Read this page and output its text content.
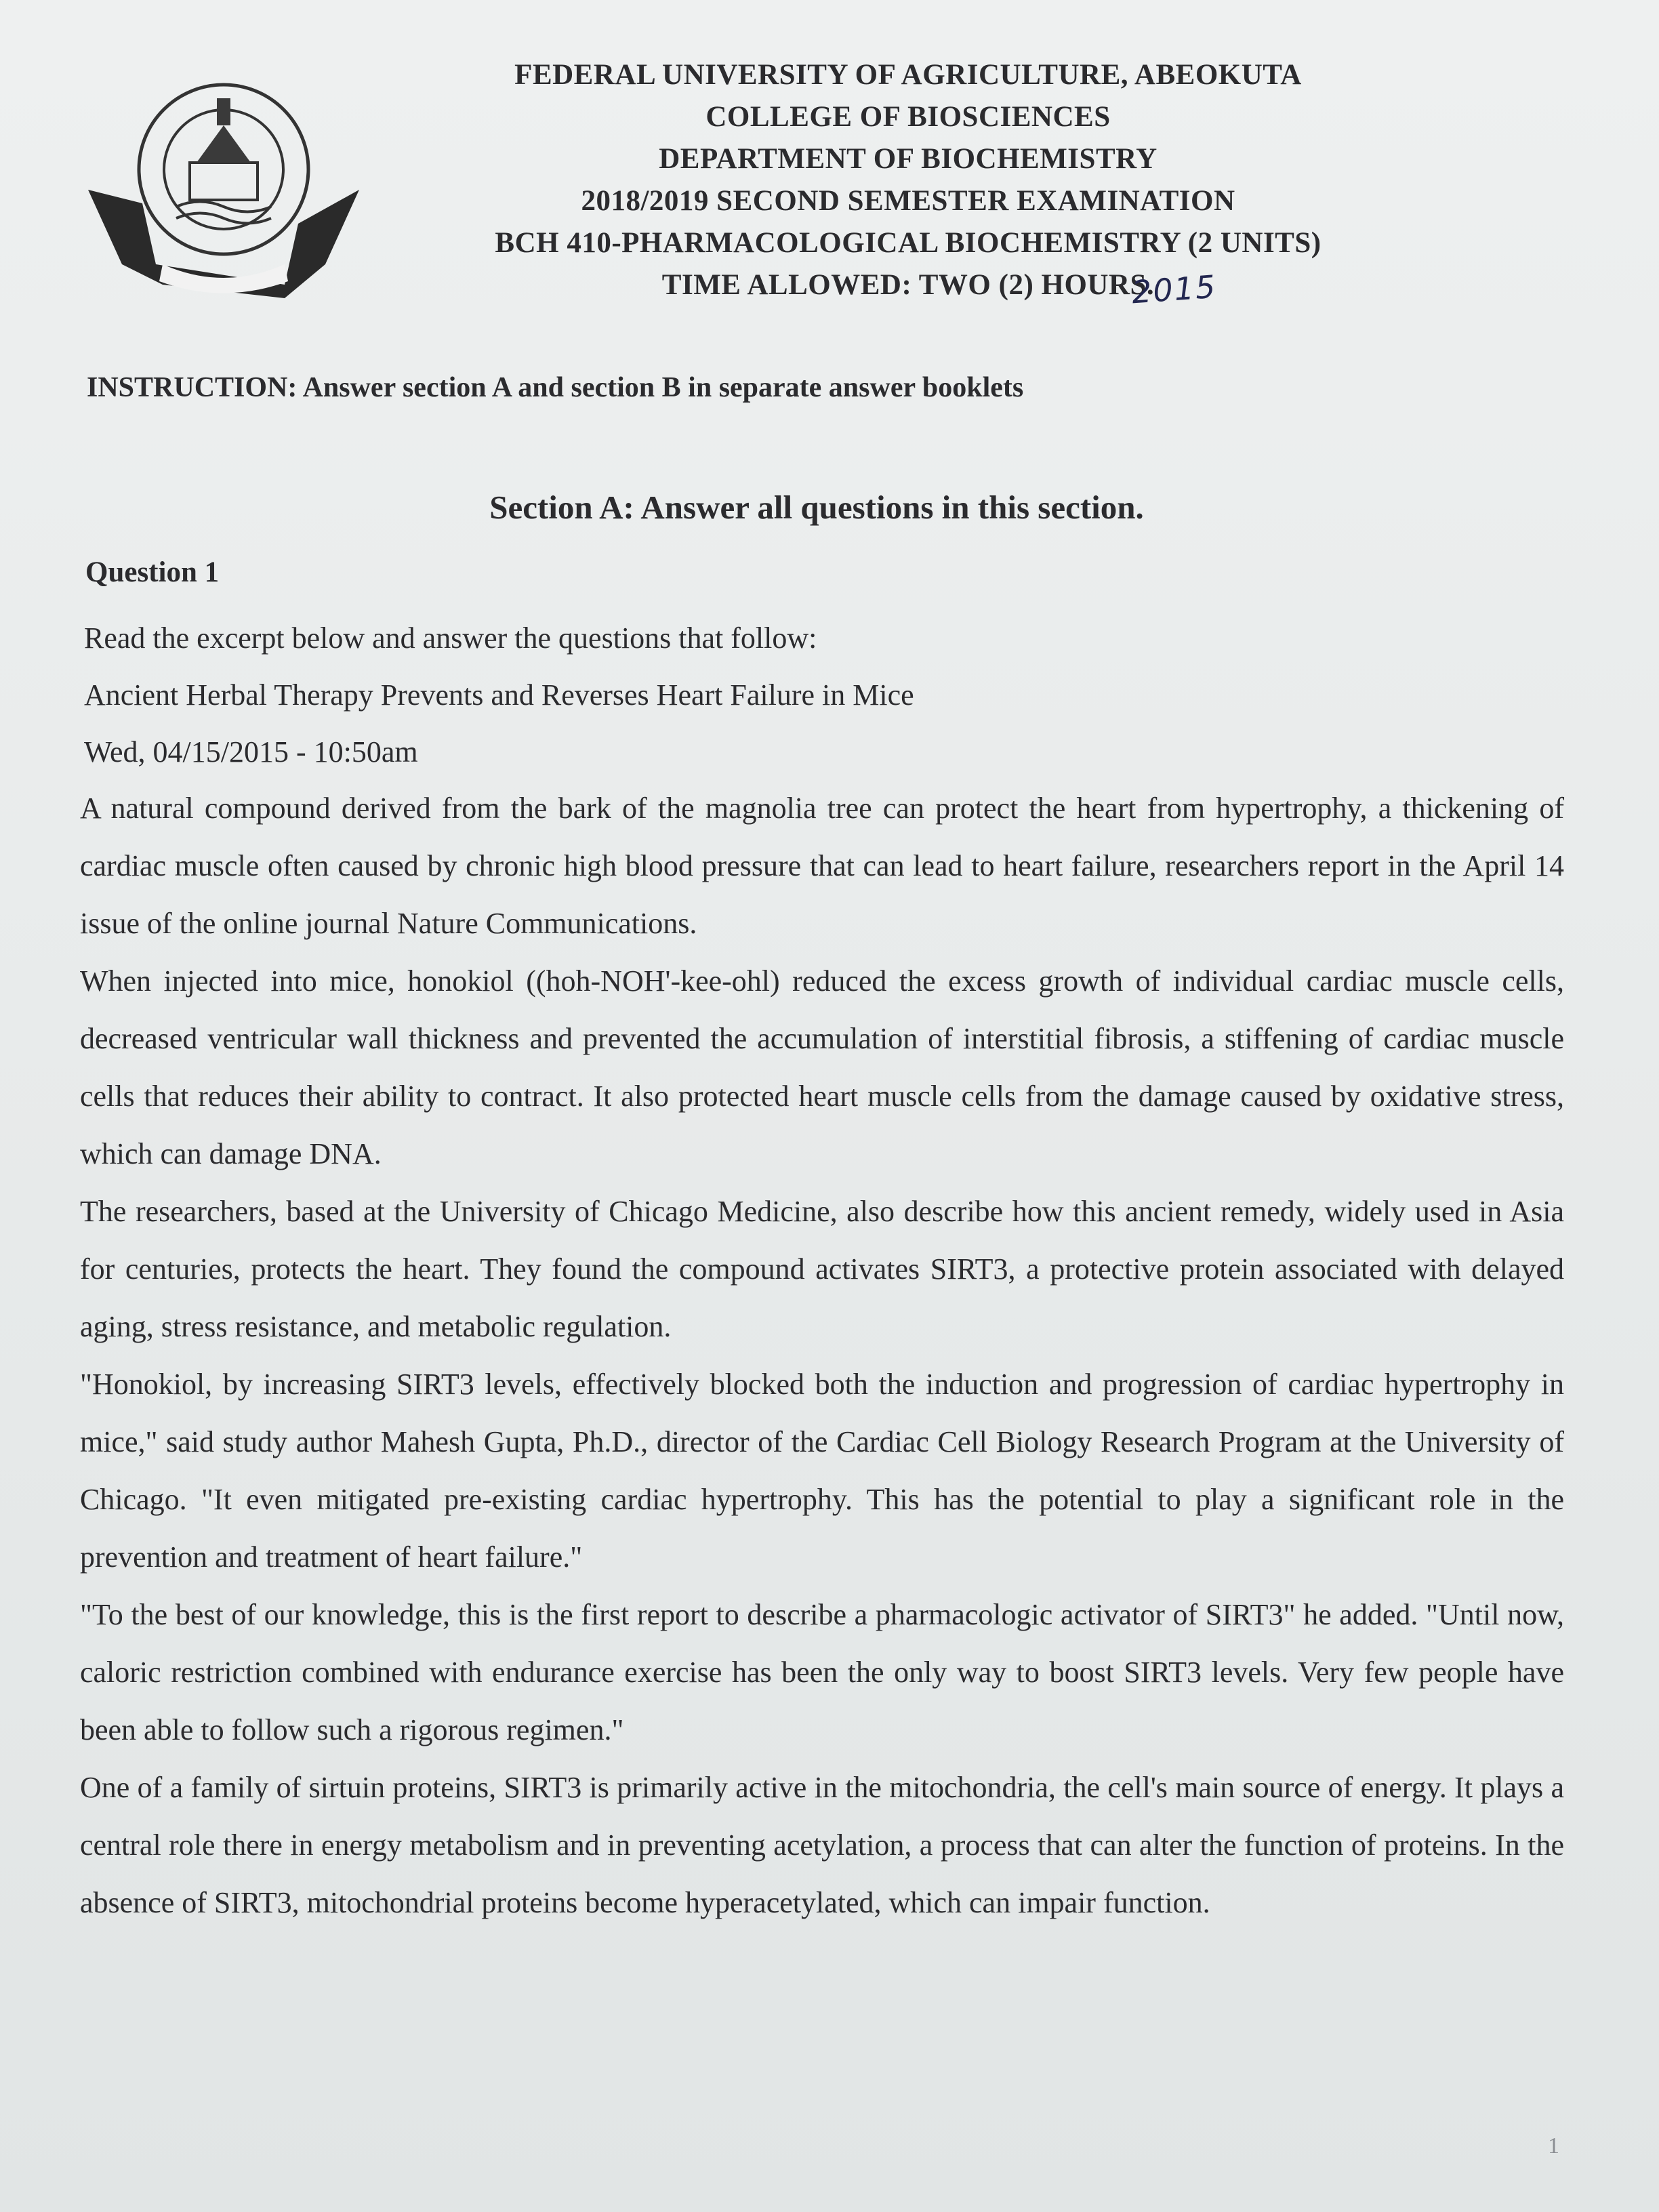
FEDERAL UNIVERSITY OF AGRICULTURE, ABEOKUTA
COLLEGE OF BIOSCIENCES
DEPARTMENT OF BIOCHEMISTRY
2018/2019 SECOND SEMESTER EXAMINATION
BCH 410-PHARMACOLOGICAL BIOCHEMISTRY (2 UNITS)
TIME ALLOWED: TWO (2) HOURS.
2015
INSTRUCTION: Answer section A and section B in separate answer booklets
Section A: Answer all questions in this section.
Question 1
Read the excerpt below and answer the questions that follow:
Ancient Herbal Therapy Prevents and Reverses Heart Failure in Mice
Wed, 04/15/2015 - 10:50am

A natural compound derived from the bark of the magnolia tree can protect the heart from hypertrophy, a thickening of cardiac muscle often caused by chronic high blood pressure that can lead to heart failure, researchers report in the April 14 issue of the online journal Nature Communications.

When injected into mice, honokiol ((hoh-NOH'-kee-ohl) reduced the excess growth of individual cardiac muscle cells, decreased ventricular wall thickness and prevented the accumulation of interstitial fibrosis, a stiffening of cardiac muscle cells that reduces their ability to contract. It also protected heart muscle cells from the damage caused by oxidative stress, which can damage DNA.

The researchers, based at the University of Chicago Medicine, also describe how this ancient remedy, widely used in Asia for centuries, protects the heart. They found the compound activates SIRT3, a protective protein associated with delayed aging, stress resistance, and metabolic regulation.

"Honokiol, by increasing SIRT3 levels, effectively blocked both the induction and progression of cardiac hypertrophy in mice," said study author Mahesh Gupta, Ph.D., director of the Cardiac Cell Biology Research Program at the University of Chicago. "It even mitigated pre-existing cardiac hypertrophy. This has the potential to play a significant role in the prevention and treatment of heart failure."

"To the best of our knowledge, this is the first report to describe a pharmacologic activator of SIRT3" he added. "Until now, caloric restriction combined with endurance exercise has been the only way to boost SIRT3 levels. Very few people have been able to follow such a rigorous regimen."

One of a family of sirtuin proteins, SIRT3 is primarily active in the mitochondria, the cell's main source of energy. It plays a central role there in energy metabolism and in preventing acetylation, a process that can alter the function of proteins. In the absence of SIRT3, mitochondrial proteins become hyperacetylated, which can impair function.

1
